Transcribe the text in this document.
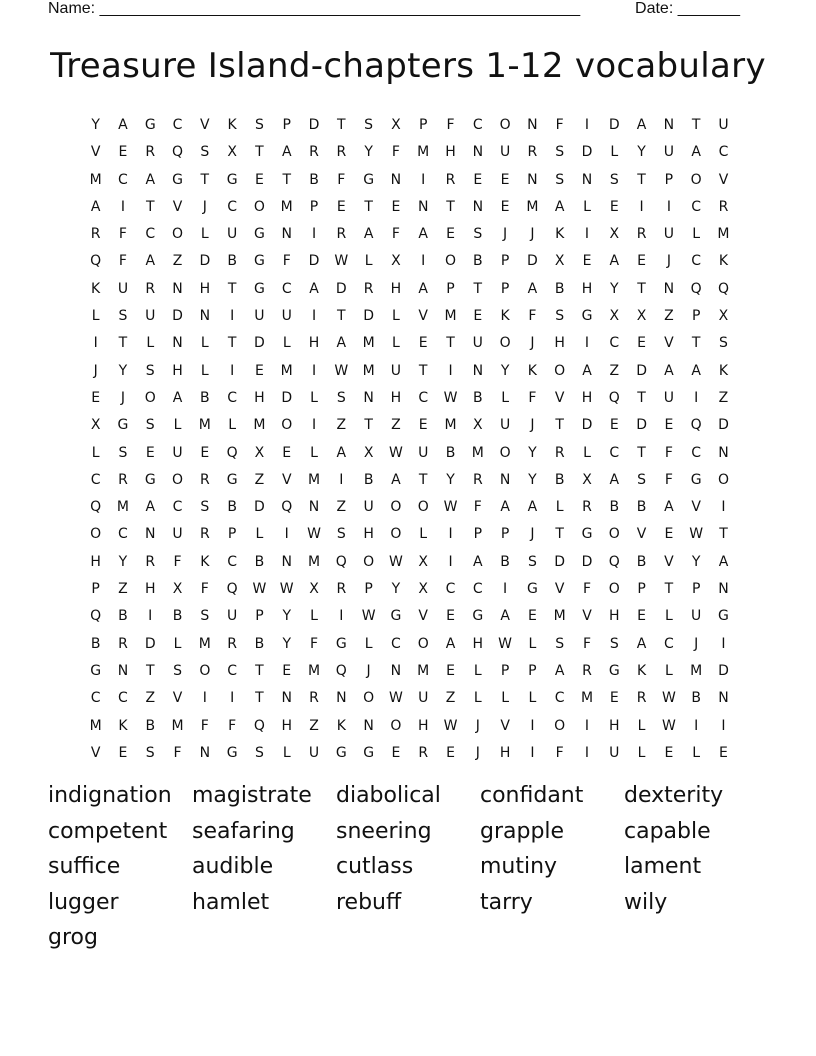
Name: ______________________________________________________	Date: _______
Treasure Island-chapters 1-12 vocabulary
Y	A	G	C	V	K	S	P	D	T	S	X	P	F	C	O	N	F	I	D	A	N	T	U
V	E	R	Q	S	X	T	A	R	R	Y	F	M	H	N	U	R	S	D	L	Y	U	A	C
M	C	A	G	T	G	E	T	B	F	G	N	I	R	E	E	N	S	N	S	T	P	O	V
A	I	T	V	J	C	O	M	P	E	T	E	N	T	N	E	M	A	L	E	I	I	C	R
R	F	C	O	L	U	G	N	I	R	A	F	A	E	S	J	J	K	I	X	R	U	L	M
Q	F	A	Z	D	B	G	F	D	W	L	X	I	O	B	P	D	X	E	A	E	J	C	K
K	U	R	N	H	T	G	C	A	D	R	H	A	P	T	P	A	B	H	Y	T	N	Q	Q
L	S	U	D	N	I	U	U	I	T	D	L	V	M	E	K	F	S	G	X	X	Z	P	X
I	T	L	N	L	T	D	L	H	A	M	L	E	T	U	O	J	H	I	C	E	V	T	S
J	Y	S	H	L	I	E	M	I	W	M	U	T	I	N	Y	K	O	A	Z	D	A	A	K
E	J	O	A	B	C	H	D	L	S	N	H	C	W	B	L	F	V	H	Q	T	U	I	Z
X	G	S	L	M	L	M	O	I	Z	T	Z	E	M	X	U	J	T	D	E	D	E	Q	D
L	S	E	U	E	Q	X	E	L	A	X	W	U	B	M	O	Y	R	L	C	T	F	C	N
C	R	G	O	R	G	Z	V	M	I	B	A	T	Y	R	N	Y	B	X	A	S	F	G	O
Q	M	A	C	S	B	D	Q	N	Z	U	O	O	W	F	A	A	L	R	B	B	A	V	I
O	C	N	U	R	P	L	I	W	S	H	O	L	I	P	P	J	T	G	O	V	E	W	T
H	Y	R	F	K	C	B	N	M	Q	O	W	X	I	A	B	S	D	D	Q	B	V	Y	A
P	Z	H	X	F	Q	W W	X	R	P	Y	X	C	C	I	G	V	F	O	P	T	P	N
Q	B	I	B	S	U	P	Y	L	I	W	G	V	E	G	A	E	M	V	H	E	L	U	G
B	R	D	L	M	R	B	Y	F	G	L	C	O	A	H	W	L	S	F	S	A	C	J	I
G	N	T	S	O	C	T	E	M	Q	J	N	M	E	L	P	P	A	R	G	K	L	M	D
C	C	Z	V	I	I	T	N	R	N	O	W	U	Z	L	L	L	C	M	E	R	W	B	N
M	K	B	M	F	F	Q	H	Z	K	N	O	H	W	J	V	I	O	I	H	L	W	I	I
V	E	S	F	N	G	S	L	U	G	G	E	R	E	J	H	I	F	I	U	L	E	L	E
indignation magistrate	diabolical	confidant	dexterity
competent	seafaring	sneering	grapple	capable
suffice	audible	cutlass	mutiny	lament
lugger	hamlet	rebuff	tarry	wily
grog
